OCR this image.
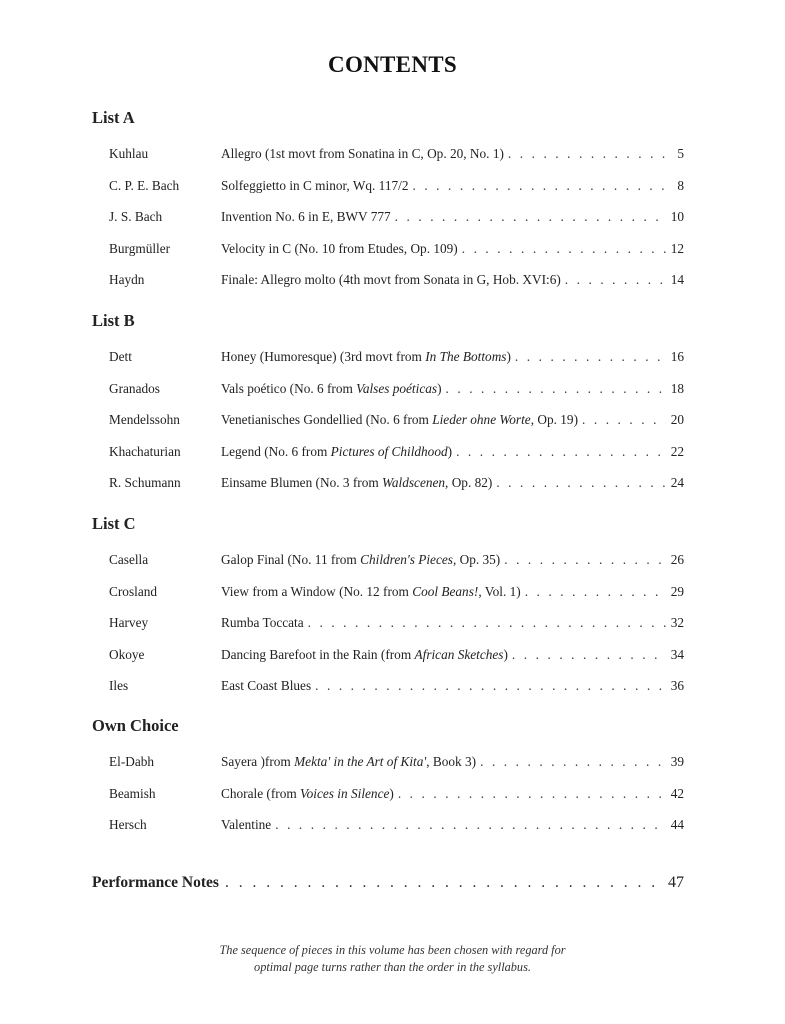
CONTENTS
List A
Kuhlau	Allegro (1st movt from Sonatina in C, Op. 20, No. 1) . . .	5
C. P. E. Bach	Solfeggietto in C minor, Wq. 117/2 . . .	8
J. S. Bach	Invention No. 6 in E, BWV 777 . . .	10
Burgmüller	Velocity in C (No. 10 from Etudes, Op. 109) . . .	12
Haydn	Finale: Allegro molto (4th movt from Sonata in G, Hob. XVI:6) . . .	14
List B
Dett	Honey (Humoresque) (3rd movt from In The Bottoms) . . .	16
Granados	Vals poético (No. 6 from Valses poéticas) . . .	18
Mendelssohn	Venetianisches Gondellied (No. 6 from Lieder ohne Worte, Op. 19) . . .	20
Khachaturian	Legend (No. 6 from Pictures of Childhood) . . .	22
R. Schumann	Einsame Blumen (No. 3 from Waldscenen, Op. 82) . . .	24
List C
Casella	Galop Final (No. 11 from Children's Pieces, Op. 35) . . .	26
Crosland	View from a Window (No. 12 from Cool Beans!, Vol. 1) . . .	29
Harvey	Rumba Toccata . . .	32
Okoye	Dancing Barefoot in the Rain (from African Sketches) . . .	34
Iles	East Coast Blues . . .	36
Own Choice
El-Dabh	Sayera )from Mekta' in the Art of Kita', Book 3) . . .	39
Beamish	Chorale (from Voices in Silence) . . .	42
Hersch	Valentine . . .	44
Performance Notes . . .	47
The sequence of pieces in this volume has been chosen with regard for
optimal page turns rather than the order in the syllabus.
